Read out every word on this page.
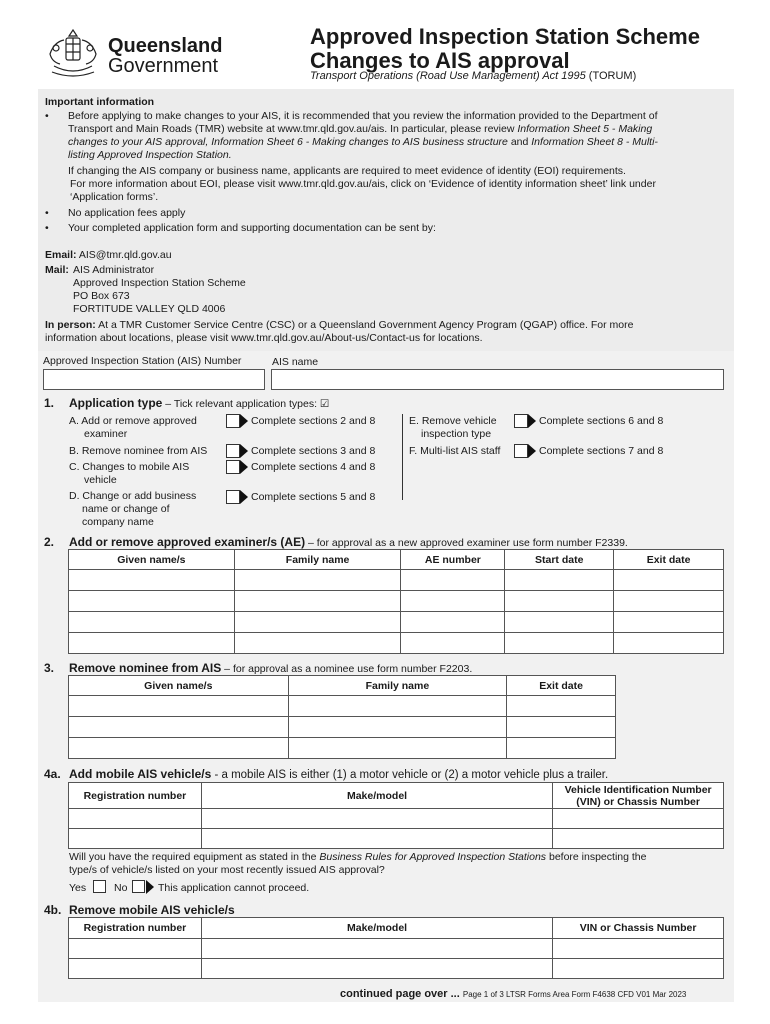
Queensland
Government
Approved Inspection Station Scheme
Changes to AIS approval
Transport Operations (Road Use Management) Act 1995 (TORUM)
Important information
• Before applying to make changes to your AIS, it is recommended that you review the information provided to the Department of
Transport and Main Roads (TMR) website at www.tmr.qld.gov.au/ais. In particular, please review Information Sheet 5 - Making
changes to your AIS approval, Information Sheet 6 - Making changes to AIS business structure and Information Sheet 8 - Multi-
listing Approved Inspection Station.
If changing the AIS company or business name, applicants are required to meet evidence of identity (EOI) requirements.
For more information about EOI, please visit www.tmr.qld.gov.au/ais, click on ‘Evidence of identity information sheet’ link under
‘Application forms’.
• No application fees apply
• Your completed application form and supporting documentation can be sent by:
Email: AIS@tmr.qld.gov.au
Mail: AIS Administrator
Approved Inspection Station Scheme
PO Box 673
FORTITUDE VALLEY QLD 4006
In person: At a TMR Customer Service Centre (CSC) or a Queensland Government Agency Program (QGAP) office. For more
information about locations, please visit www.tmr.qld.gov.au/About-us/Contact-us for locations.
Approved Inspection Station (AIS) Number	AIS name
1. Application type – Tick relevant application types: ☑
A. Add or remove approved
examiner
Complete sections 2 and 8
B. Remove nominee from AIS	Complete sections 3 and 8
C. Changes to mobile AIS
vehicle
Complete sections 4 and 8
D. Change or add business
name or change of
company name
Complete sections 5 and 8
E. Remove vehicle
inspection type
Complete sections 6 and 8
F. Multi-list AIS staff	Complete sections 7 and 8
2. Add or remove approved examiner/s (AE) – for approval as a new approved examiner use form number F2339.
Given name/s	Family name	AE number	Start date	Exit date

3. Remove nominee from AIS – for approval as a nominee use form number F2203.
Given name/s	Family name	Exit date

4a. Add mobile AIS vehicle/s - a mobile AIS is either (1) a motor vehicle or (2) a motor vehicle plus a trailer.
Registration number	Make/model	Vehicle Identification Number
(VIN) or Chassis Number

Will you have the required equipment as stated in the Business Rules for Approved Inspection Stations before inspecting the
type/s of vehicle/s listed on your most recently issued AIS approval?
Yes	No	This application cannot proceed.
4b. Remove mobile AIS vehicle/s
Registration number	Make/model	VIN or Chassis Number

continued page over ... Page 1 of 3 LTSR Forms Area Form F4638 CFD V01 Mar 2023
